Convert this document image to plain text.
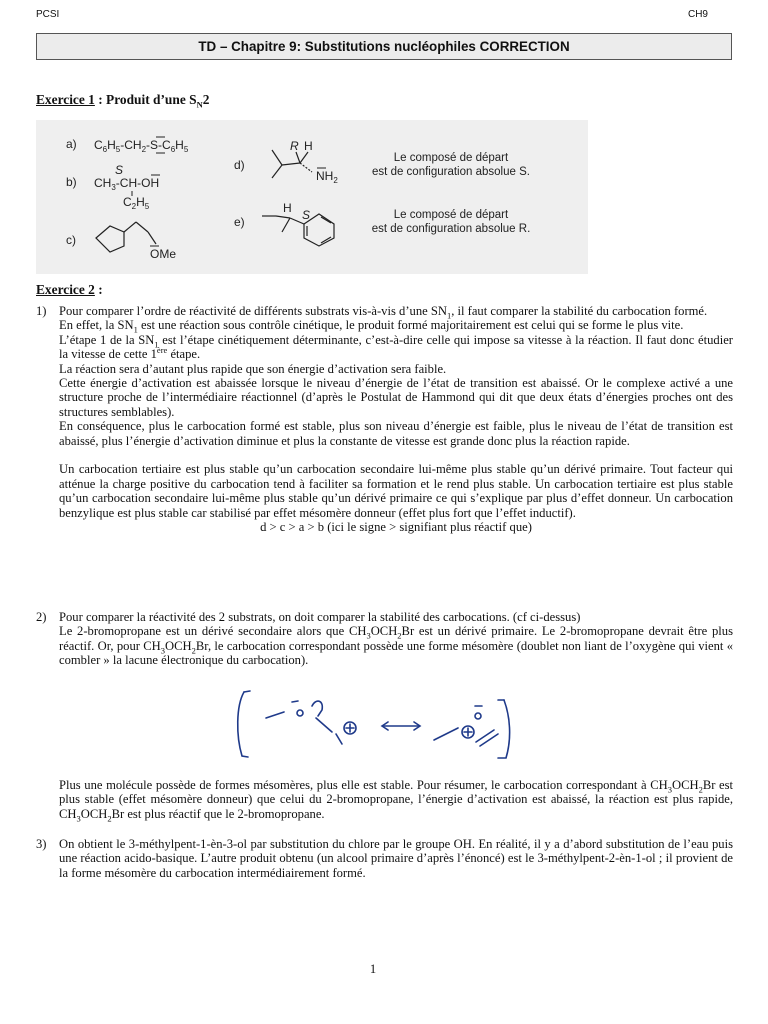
PCSI	CH9
TD – Chapitre 9: Substitutions nucléophiles CORRECTION
Exercice 1 : Produit d’une $S_N2$
a) $C_6H_5-CH_2-S-C_6H_5$
b)
S
$CH_3-CH-OH$
$C_2H_5$
c)
OMe
d)
R H
$NH_2$
Le composé de départ
est de configuration absolue S.
e)
H S	Le composé de départ
est de configuration absolue R.
Exercice 2 :
1) Pour comparer l’ordre de réactivité de différents substrats vis-à-vis d’une $SN_1$, il faut comparer la stabilité du carbocation formé.

En effet, la $SN_1$ est une réaction sous contrôle cinétique, le produit formé majoritairement est celui qui se forme le plus vite.

L’étape 1 de la $SN_1$ est l’étape cinétiquement déterminante, c’est-à-dire celle qui impose sa vitesse à la réaction. Il faut donc étudier la vitesse de cette 1ère étape.

La réaction sera d’autant plus rapide que son énergie d’activation sera faible.

Cette énergie d’activation est abaissée lorsque le niveau d’énergie de l’état de transition est abaissé. Or le complexe activé a une structure proche de l’intermédiaire réactionnel (d’après le Postulat de Hammond qui dit que deux états d’énergies proches ont des structures semblables).

En conséquence, plus le carbocation formé est stable, plus son niveau d’énergie est faible, plus le niveau de l’état de transition est abaissé, plus l’énergie d’activation diminue et plus la constante de vitesse est grande donc plus la réaction rapide.

Un carbocation tertiaire est plus stable qu’un carbocation secondaire lui-même plus stable qu’un dérivé primaire. Tout facteur qui atténue la charge positive du carbocation tend à faciliter sa formation et le rend plus stable. Un carbocation tertiaire est plus stable qu’un carbocation secondaire lui-même plus stable qu’un dérivé primaire ce qui s’explique par plus d’effet donneur. Un carbocation benzylique est plus stable car stabilisé par effet mésomère donneur (effet plus fort que l’effet inductif).

d > c > a > b (ici le signe > signifiant plus réactif que)

2) Pour comparer la réactivité des 2 substrats, on doit comparer la stabilité des carbocations. (cf ci-dessus)

Le 2-bromopropane est un dérivé secondaire alors que $CH_3OCH_2Br$ est un dérivé primaire. Le 2-bromopropane devrait être plus réactif. Or, pour $CH_3OCH_2Br$, le carbocation correspondant possède une forme mésomère (doublet non liant de l’oxygène qui vient « combler » la lacune électronique du carbocation).

Plus une molécule possède de formes mésomères, plus elle est stable. Pour résumer, le carbocation correspondant à $CH_3OCH_2Br$ est plus stable (effet mésomère donneur) que celui du 2-bromopropane, l’énergie d’activation est abaissé, la réaction est plus rapide, $CH_3OCH_2Br$ est plus réactif que le 2-bromopropane.

3) On obtient le 3-méthylpent-1-èn-3-ol par substitution du chlore par le groupe OH. En réalité, il y a d’abord substitution de l’eau puis une réaction acido-basique. L’autre produit obtenu (un alcool primaire d’après l’énoncé) est le 3-méthylpent-2-èn-1-ol ; il provient de la forme mésomère du carbocation intermédiairement formé.

1
